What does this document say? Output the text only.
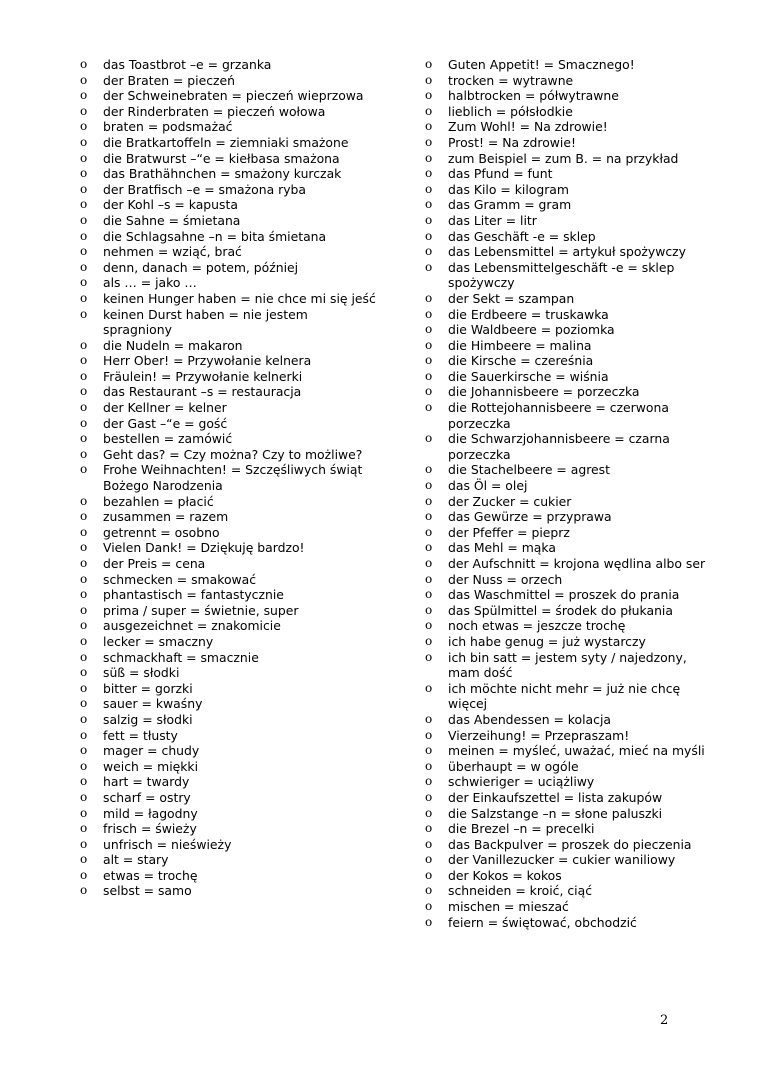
o das Toastbrot –e = grzanka
o der Braten = pieczeń
o der Schweinebraten = pieczeń wieprzowa
o der Rinderbraten = pieczeń wołowa
o braten = podsmażać
o die Bratkartoffeln = ziemniaki smażone
o die Bratwurst –“e = kiełbasa smażona
o das Brathähnchen = smażony kurczak
o der Bratfisch –e = smażona ryba
o der Kohl –s = kapusta
o die Sahne = śmietana
o die Schlagsahne –n = bita śmietana
o nehmen = wziąć, brać
o denn, danach = potem, później
o als … = jako …
o keinen Hunger haben = nie chce mi się jeść
o keinen Durst haben = nie jestem spragniony
o die Nudeln = makaron
o Herr Ober! = Przywołanie kelnera
o Fräulein! = Przywołanie kelnerki
o das Restaurant –s = restauracja
o der Kellner = kelner
o der Gast –“e = gość
o bestellen = zamówić
o Geht das? = Czy można? Czy to możliwe?
o Frohe Weihnachten! = Szczęśliwych świąt Bożego Narodzenia
o bezahlen = płacić
o zusammen = razem
o getrennt = osobno
o Vielen Dank! = Dziękuję bardzo!
o der Preis = cena
o schmecken = smakować
o phantastisch = fantastycznie
o prima / super = świetnie, super
o ausgezeichnet = znakomicie
o lecker = smaczny
o schmackhaft = smacznie
o süß = słodki
o bitter = gorzki
o sauer = kwaśny
o salzig = słodki
o fett = tłusty
o mager = chudy
o weich = miękki
o hart = twardy
o scharf = ostry
o mild = łagodny
o frisch = świeży
o unfrisch = nieświeży
o alt = stary
o etwas = trochę
o selbst = samo
o Guten Appetit! = Smacznego!
o trocken = wytrawne
o halbtrocken = półwytrawne
o lieblich = półsłodkie
o Zum Wohl! = Na zdrowie!
o Prost! = Na zdrowie!
o zum Beispiel = zum B. = na przykład
o das Pfund = funt
o das Kilo = kilogram
o das Gramm = gram
o das Liter = litr
o das Geschäft -e = sklep
o das Lebensmittel = artykuł spożywczy
o das Lebensmittelgeschäft -e = sklep spożywczy
o der Sekt = szampan
o die Erdbeere = truskawka
o die Waldbeere = poziomka
o die Himbeere = malina
o die Kirsche = czereśnia
o die Sauerkirsche = wiśnia
o die Johannisbeere = porzeczka
o die Rottejohannisbeere = czerwona porzeczka
o die Schwarzjohannisbeere = czarna porzeczka
o die Stachelbeere = agrest
o das Öl = olej
o der Zucker = cukier
o das Gewürze = przyprawa
o der Pfeffer = pieprz
o das Mehl = mąka
o der Aufschnitt = krojona wędlina albo ser
o der Nuss = orzech
o das Waschmittel = proszek do prania
o das Spülmittel = środek do płukania
o noch etwas = jeszcze trochę
o ich habe genug = już wystarczy
o ich bin satt = jestem syty / najedzony, mam dość
o ich möchte nicht mehr = już nie chcę więcej
o das Abendessen = kolacja
o Vierzeihung! = Przepraszam!
o meinen = myśleć, uważać, mieć na myśli
o überhaupt = w ogóle
o schwieriger = uciążliwy
o der Einkaufszettel = lista zakupów
o die Salzstange –n = słone paluszki
o die Brezel –n = precelki
o das Backpulver = proszek do pieczenia
o der Vanillezucker = cukier waniliowy
o der Kokos = kokos
o schneiden = kroić, ciąć
o mischen = mieszać
o feiern = świętować, obchodzić
2
